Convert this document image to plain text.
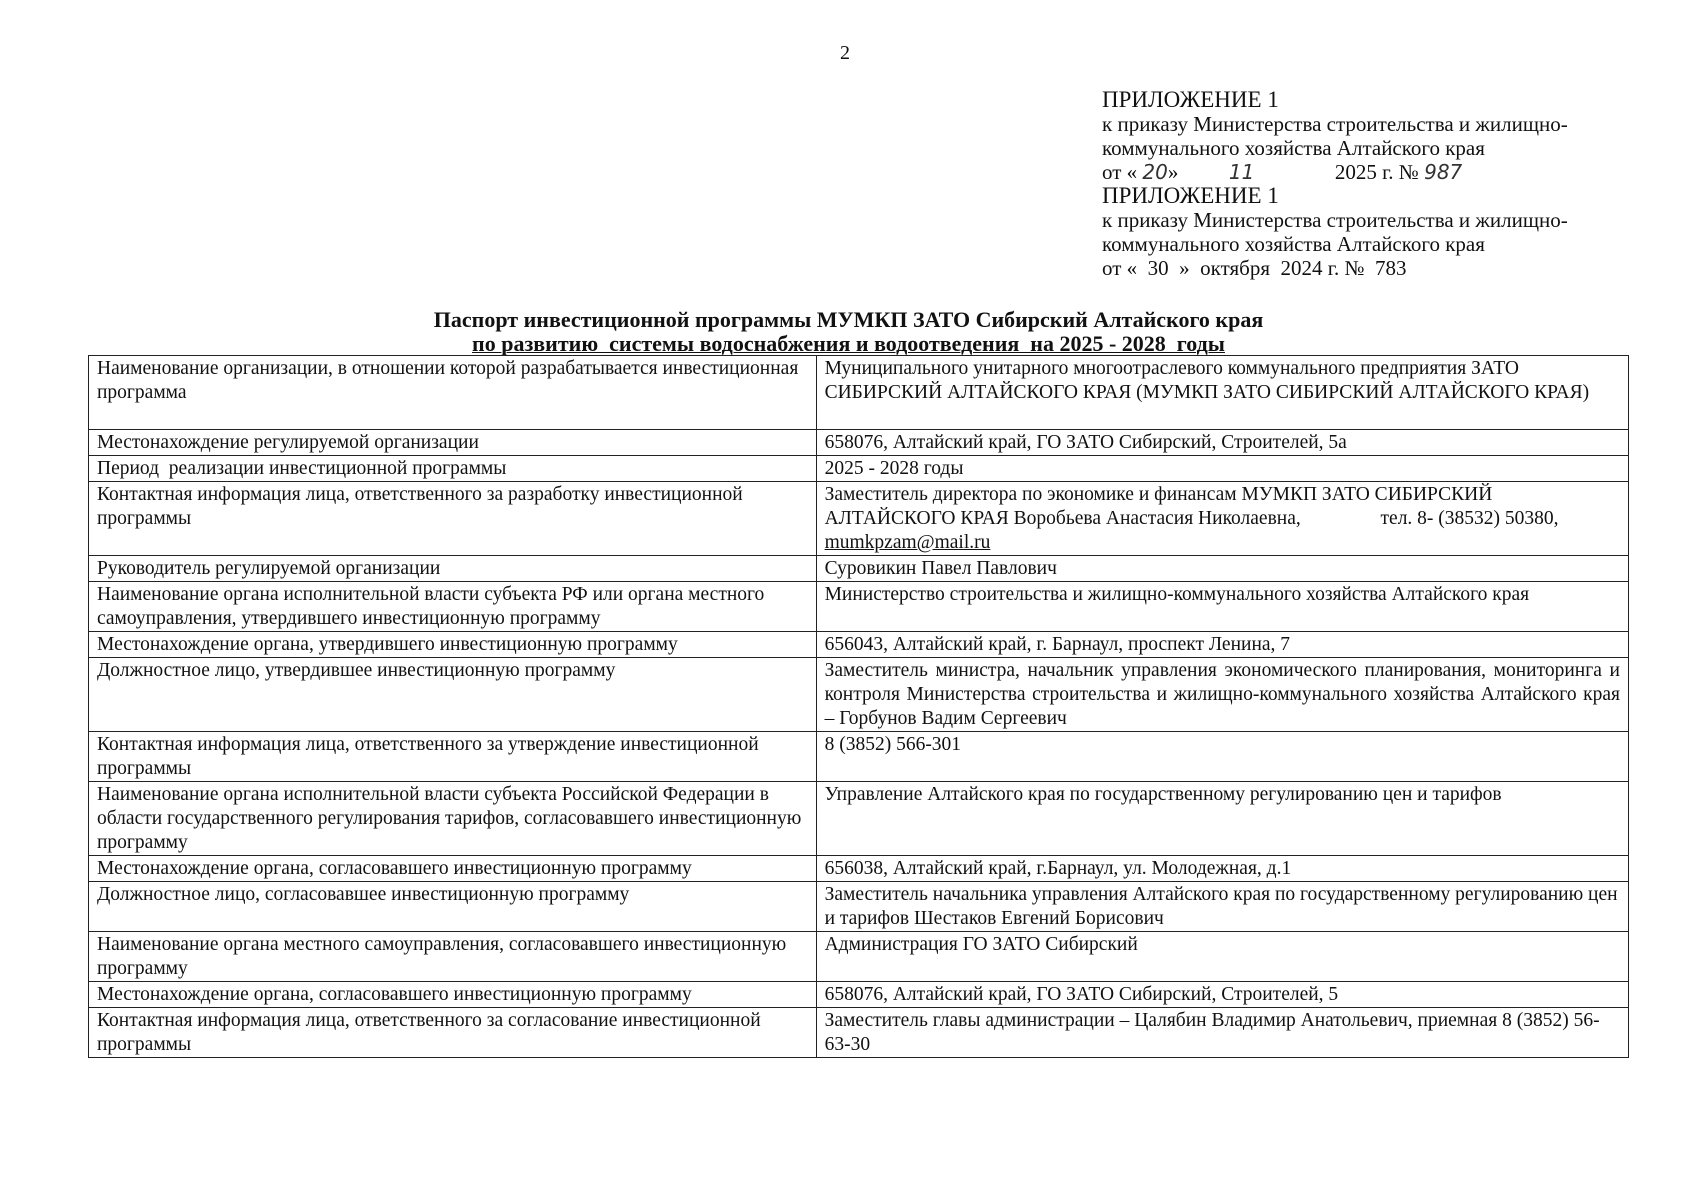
2
ПРИЛОЖЕНИЕ 1
к приказу Министерства строительства и жилищно-
коммунального хозяйства Алтайского края
от « 20»	11	2025 г. № 987
ПРИЛОЖЕНИЕ 1
к приказу Министерства строительства и жилищно-
коммунального хозяйства Алтайского края
от «  30  »  октября  2024 г. №  783
Паспорт инвестиционной программы МУМКП ЗАТО Сибирский Алтайского края
по развитию  системы водоснабжения и водоотведения  на 2025 - 2028  годы
Наименование организации, в отношении которой разрабатывается инвестиционная программа	Муниципального унитарного многоотраслевого коммунального предприятия ЗАТО СИБИРСКИЙ АЛТАЙСКОГО КРАЯ (МУМКП ЗАТО СИБИРСКИЙ АЛТАЙСКОГО КРАЯ)
Местонахождение регулируемой организации	658076, Алтайский край, ГО ЗАТО Сибирский, Строителей, 5а
Период  реализации инвестиционной программы	2025 - 2028 годы
Контактная информация лица, ответственного за разработку инвестиционной программы	Заместитель директора по экономике и финансам МУМКП ЗАТО СИБИРСКИЙ АЛТАЙСКОГО КРАЯ Воробьева Анастасия Николаевна, тел. 8- (38532) 50380, mumkpzam@mail.ru
Руководитель регулируемой организации	Суровикин Павел Павлович
Наименование органа исполнительной власти субъекта РФ или органа местного самоуправления, утвердившего инвестиционную программу	Министерство строительства и жилищно-коммунального хозяйства Алтайского края
Местонахождение органа, утвердившего инвестиционную программу	656043, Алтайский край, г. Барнаул, проспект Ленина, 7
Должностное лицо, утвердившее инвестиционную программу	Заместитель министра, начальник управления экономического планирования, мониторинга и контроля Министерства строительства и жилищно-коммунального хозяйства Алтайского края – Горбунов Вадим Сергеевич
Контактная информация лица, ответственного за утверждение инвестиционной программы	8 (3852) 566-301
Наименование органа исполнительной власти субъекта Российской Федерации в области государственного регулирования тарифов, согласовавшего инвестиционную программу	Управление Алтайского края по государственному регулированию цен и тарифов
Местонахождение органа, согласовавшего инвестиционную программу	656038, Алтайский край, г.Барнаул, ул. Молодежная, д.1
Должностное лицо, согласовавшее инвестиционную программу	Заместитель начальника управления Алтайского края по государственному регулированию цен и тарифов Шестаков Евгений Борисович
Наименование органа местного самоуправления, согласовавшего инвестиционную программу	Администрация ГО ЗАТО Сибирский
Местонахождение органа, согласовавшего инвестиционную программу	658076, Алтайский край, ГО ЗАТО Сибирский, Строителей, 5
Контактная информация лица, ответственного за согласование инвестиционной программы	Заместитель главы администрации – Цалябин Владимир Анатольевич, приемная 8 (3852) 56-63-30
